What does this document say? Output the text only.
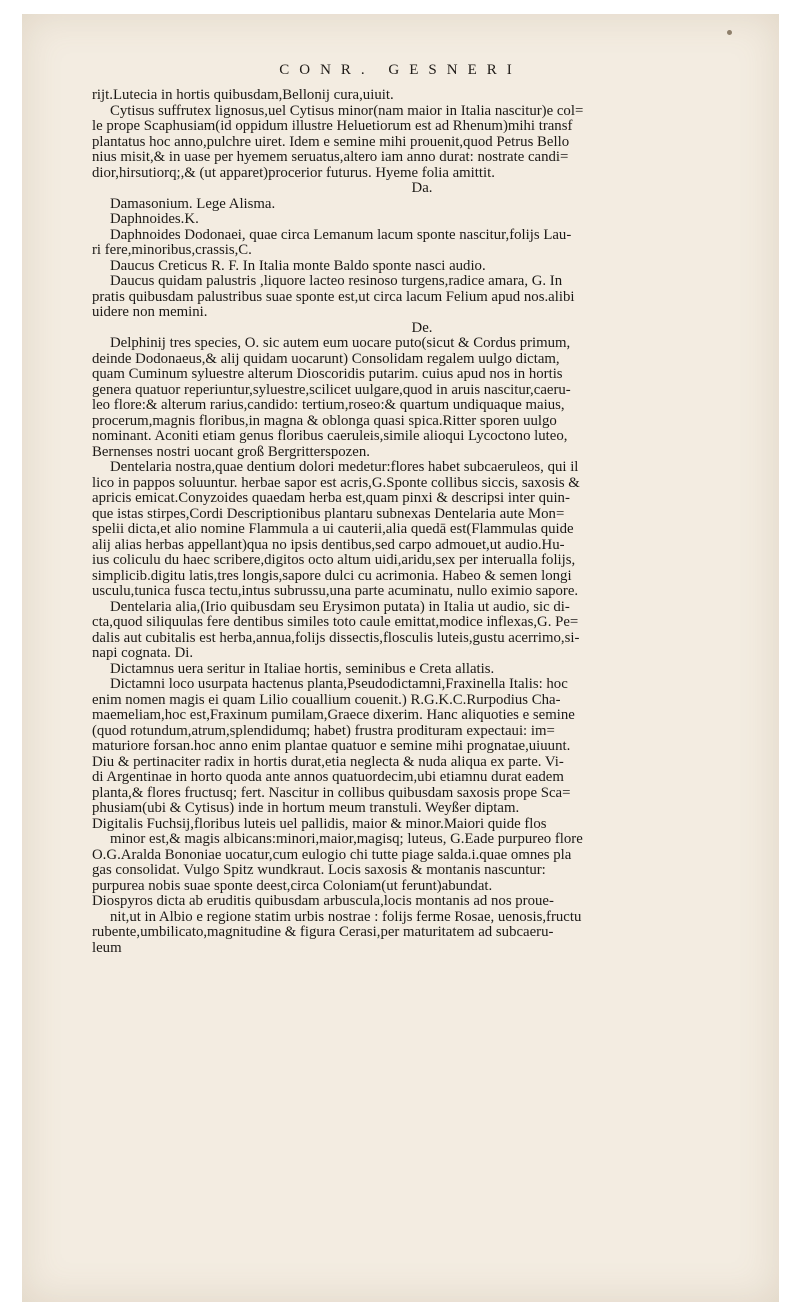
CONR. GESNERI
rijt.Lutecia in hortis quibusdam,Bellonij cura,uiuit.
Cytisus suffrutex lignosus,uel Cytisus minor(nam maior in Italia nascitur)e col=
le prope Scaphusiam(id oppidum illustre Heluetiorum est ad Rhenum)mihi transf
plantatus hoc anno,pulchre uiret. Idem e semine mihi prouenit,quod Petrus Bello
nius misit,& in uase per hyemem seruatus,altero iam anno durat: nostrate candi=
dior,hirsutiorq;,& (ut apparet)procerior futurus. Hyeme folia amittit.
Da.
Damasonium. Lege Alisma.
Daphnoides.K.
Daphnoides Dodonaei, quae circa Lemanum lacum sponte nascitur,folijs Lau-
ri fere,minoribus,crassis,C.
Daucus Creticus R. F. In Italia monte Baldo sponte nasci audio.
Daucus quidam palustris ,liquore lacteo resinoso turgens,radice amara, G. In
pratis quibusdam palustribus suae sponte est,ut circa lacum Felium apud nos.alibi
uidere non memini.
De.
Delphinij tres species, O. sic autem eum uocare puto(sicut & Cordus primum,
deinde Dodonaeus,& alij quidam uocarunt) Consolidam regalem uulgo dictam,
quam Cuminum syluestre alterum Dioscoridis putarim. cuius apud nos in hortis
genera quatuor reperiuntur,syluestre,scilicet uulgare,quod in aruis nascitur,caeru-
leo flore:& alterum rarius,candido: tertium,roseo:& quartum undiquaque maius,
procerum,magnis floribus,in magna & oblonga quasi spica.Ritter sporen uulgo
nominant. Aconiti etiam genus floribus caeruleis,simile alioqui Lycoctono luteo,
Bernenses nostri uocant groß Bergritterspozen.
Dentelaria nostra,quae dentium dolori medetur:flores habet subcaeruleos, qui il
lico in pappos soluuntur. herbae sapor est acris,G.Sponte collibus siccis, saxosis &
apricis emicat.Conyzoides quaedam herba est,quam pinxi & descripsi inter quin-
que istas stirpes,Cordi Descriptionibus plantaru subnexas Dentelaria aute Mon=
spelii dicta,et alio nomine Flammula a ui cauterii,alia quedā est(Flammulas quide
alij alias herbas appellant)qua no ipsis dentibus,sed carpo admouet,ut audio.Hu-
ius coliculu du haec scribere,digitos octo altum uidi,aridu,sex per interualla folijs,
simplicib.digitu latis,tres longis,sapore dulci cu acrimonia. Habeo & semen longi
usculu,tunica fusca tectu,intus subrussu,una parte acuminatu, nullo eximio sapore.
Dentelaria alia,(Irio quibusdam seu Erysimon putata) in Italia ut audio, sic di-
cta,quod siliquulas fere dentibus similes toto caule emittat,modice inflexas,G. Pe=
dalis aut cubitalis est herba,annua,folijs dissectis,flosculis luteis,gustu acerrimo,si-
napi cognata. Di.
Dictamnus uera seritur in Italiae hortis, seminibus e Creta allatis.
Dictamni loco usurpata hactenus planta,Pseudodictamni,Fraxinella Italis: hoc
enim nomen magis ei quam Lilio couallium couenit.) R.G.K.C.Rurpodius Cha-
maemeliam,hoc est,Fraxinum pumilam,Graece dixerim. Hanc aliquoties e semine
(quod rotundum,atrum,splendidumq; habet) frustra prodituram expectaui: im=
maturiore forsan.hoc anno enim plantae quatuor e semine mihi prognatae,uiuunt.
Diu & pertinaciter radix in hortis durat,etia neglecta & nuda aliqua ex parte. Vi-
di Argentinae in horto quoda ante annos quatuordecim,ubi etiamnu durat eadem
planta,& flores fructusq; fert. Nascitur in collibus quibusdam saxosis prope Sca=
phusiam(ubi & Cytisus) inde in hortum meum transtuli. Weyßer diptam.
Digitalis Fuchsij,floribus luteis uel pallidis, maior & minor.Maiori quide flos
minor est,& magis albicans:minori,maior,magisq; luteus, G.Eade purpureo flore
O.G.Aralda Bononiae uocatur,cum eulogio chi tutte piage salda.i.quae omnes pla
gas consolidat. Vulgo Spitz wundkraut. Locis saxosis & montanis nascuntur:
purpurea nobis suae sponte deest,circa Coloniam(ut ferunt)abundat.
Diospyros dicta ab eruditis quibusdam arbuscula,locis montanis ad nos proue-
nit,ut in Albio e regione statim urbis nostrae : folijs ferme Rosae, uenosis,fructu
rubente,umbilicato,magnitudine & figura Cerasi,per maturitatem ad subcaeru-
leum
